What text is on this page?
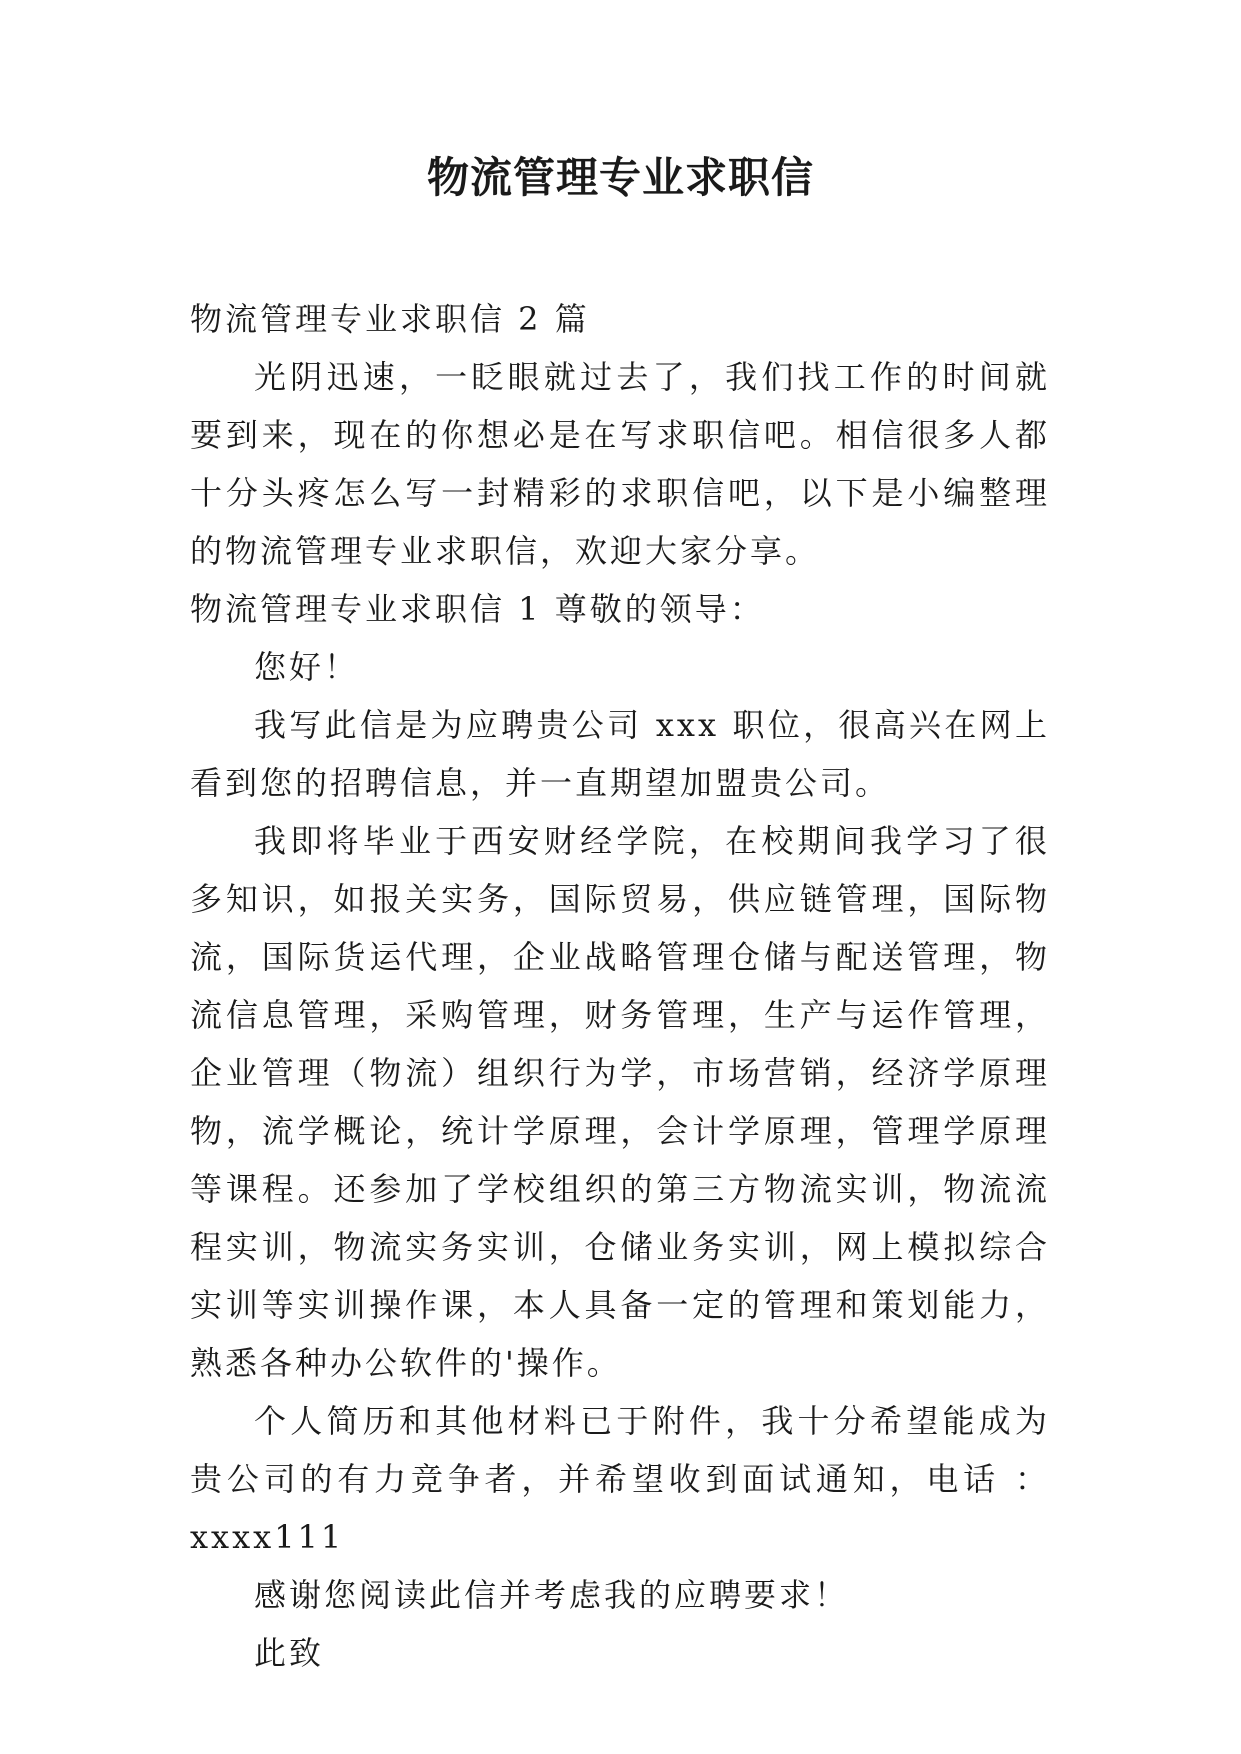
物流管理专业求职信

物流管理专业求职信 2 篇

光阴迅速，一眨眼就过去了，我们找工作的时间就要到来，现在的你想必是在写求职信吧。相信很多人都十分头疼怎么写一封精彩的求职信吧，以下是小编整理的物流管理专业求职信，欢迎大家分享。

物流管理专业求职信 1 尊敬的领导：

您好！

我写此信是为应聘贵公司 xxx 职位，很高兴在网上看到您的招聘信息，并一直期望加盟贵公司。

我即将毕业于西安财经学院，在校期间我学习了很多知识，如报关实务，国际贸易，供应链管理，国际物流，国际货运代理，企业战略管理仓储与配送管理，物流信息管理，采购管理，财务管理，生产与运作管理，企业管理（物流）组织行为学，市场营销，经济学原理物，流学概论，统计学原理，会计学原理，管理学原理等课程。还参加了学校组织的第三方物流实训，物流流程实训，物流实务实训，仓储业务实训，网上模拟综合实训等实训操作课，本人具备一定的管理和策划能力，熟悉各种办公软件的'操作。

个人简历和其他材料已于附件，我十分希望能成为贵公司的有力竞争者，并希望收到面试通知，电话 ：xxxx111

感谢您阅读此信并考虑我的应聘要求！

此致
